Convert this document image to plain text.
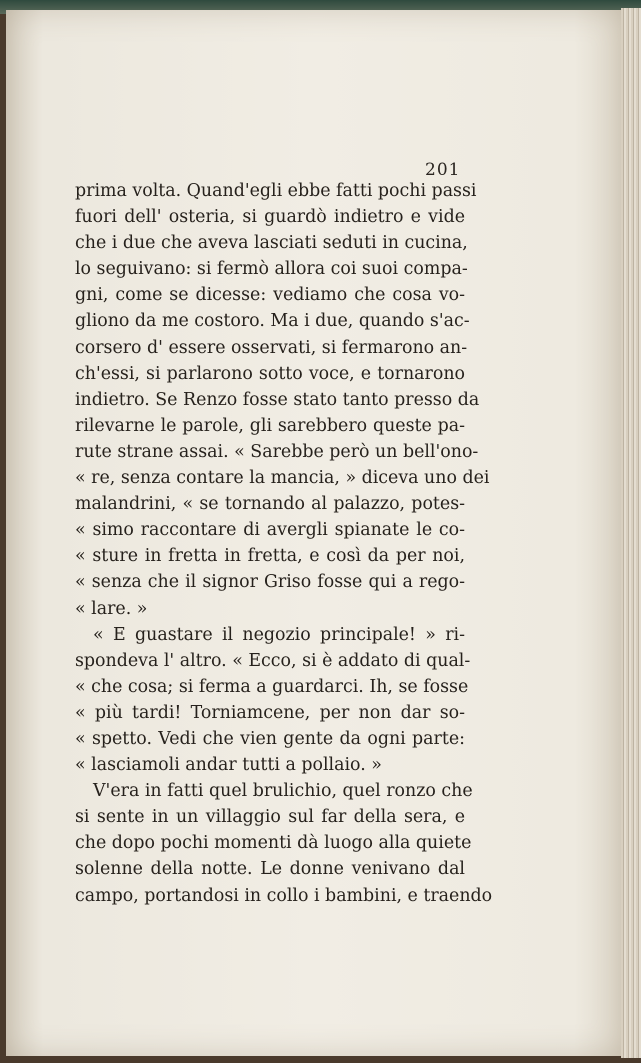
201
prima volta. Quand'egli ebbe fatti pochi passi
fuori dell' osteria, si guardò indietro e vide
che i due che aveva lasciati seduti in cucina,
lo seguivano: si fermò allora coi suoi compa-
gni, come se dicesse: vediamo che cosa vo-
gliono da me costoro. Ma i due, quando s'ac-
corsero d' essere osservati, si fermarono an-
ch'essi, si parlarono sotto voce, e tornarono
indietro. Se Renzo fosse stato tanto presso da
rilevarne le parole, gli sarebbero queste pa-
rute strane assai. « Sarebbe però un bell'ono-
« re, senza contare la mancia, » diceva uno dei
malandrini, « se tornando al palazzo, potes-
« simo raccontare di avergli spianate le co-
« sture in fretta in fretta, e così da per noi,
« senza che il signor Griso fosse qui a rego-
« lare. »
« E guastare il negozio principale! » ri-
spondeva l' altro. « Ecco, si è addato di qual-
« che cosa; si ferma a guardarci. Ih, se fosse
« più tardi! Torniamcene, per non dar so-
« spetto. Vedi che vien gente da ogni parte:
« lasciamoli andar tutti a pollaio. »
V'era in fatti quel brulichio, quel ronzo che
si sente in un villaggio sul far della sera, e
che dopo pochi momenti dà luogo alla quiete
solenne della notte. Le donne venivano dal
campo, portandosi in collo i bambini, e traendo
